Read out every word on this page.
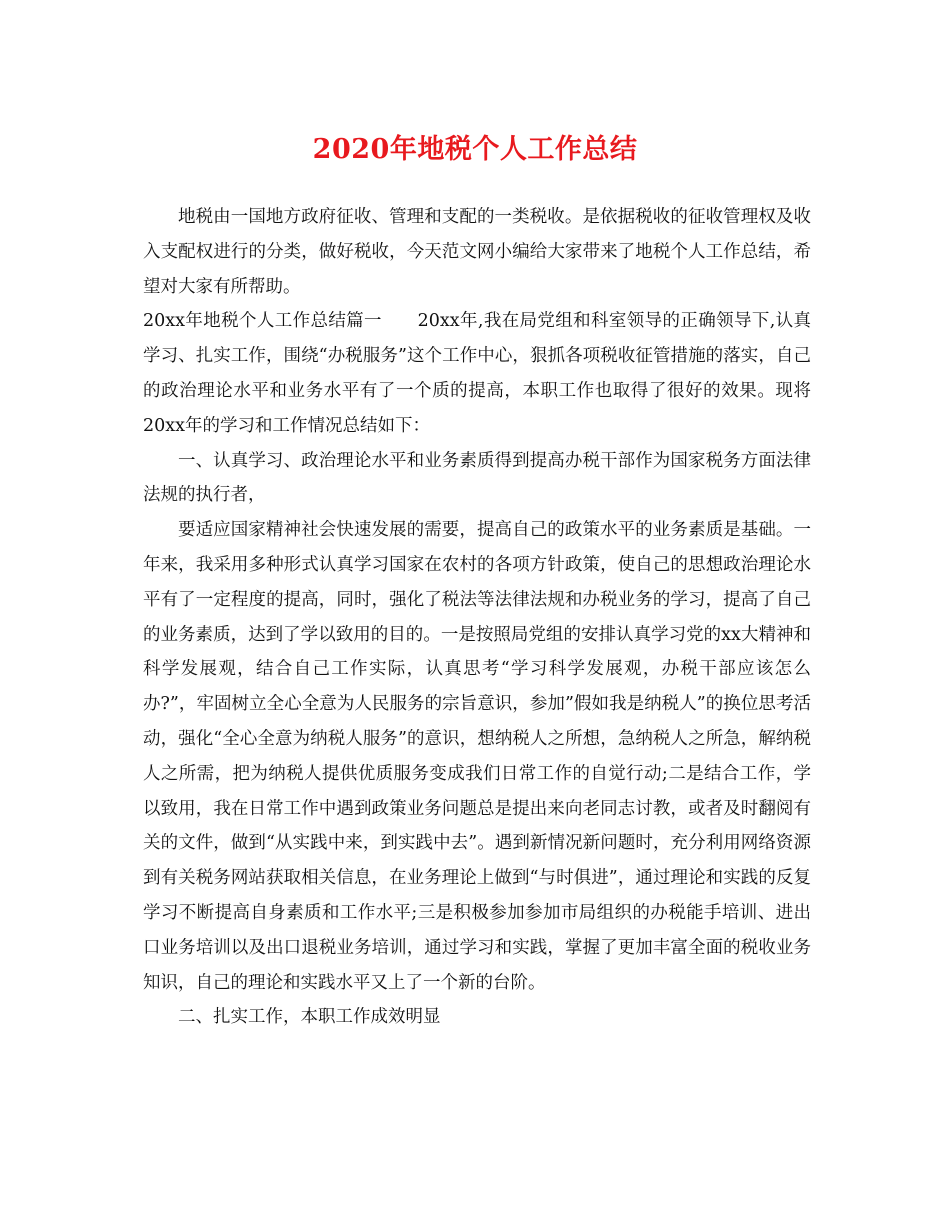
2020年地税个人工作总结

地税由一国地方政府征收、管理和支配的一类税收。是依据税收的征收管理权及收入支配权进行的分类，做好税收，今天范文网小编给大家带来了地税个人工作总结，希望对大家有所帮助。

20xx年地税个人工作总结篇一　　20xx年,我在局党组和科室领导的正确领导下,认真学习、扎实工作，围绕“办税服务”这个工作中心，狠抓各项税收征管措施的落实，自己的政治理论水平和业务水平有了一个质的提高，本职工作也取得了很好的效果。现将20xx年的学习和工作情况总结如下：

一、认真学习、政治理论水平和业务素质得到提高办税干部作为国家税务方面法律法规的执行者，

要适应国家精神社会快速发展的需要，提高自己的政策水平的业务素质是基础。一年来，我采用多种形式认真学习国家在农村的各项方针政策，使自己的思想政治理论水平有了一定程度的提高，同时，强化了税法等法律法规和办税业务的学习，提高了自己的业务素质，达到了学以致用的目的。一是按照局党组的安排认真学习党的xx大精神和科学发展观，结合自己工作实际，认真思考“学习科学发展观，办税干部应该怎么办?”，牢固树立全心全意为人民服务的宗旨意识，参加”假如我是纳税人”的换位思考活动，强化“全心全意为纳税人服务”的意识，想纳税人之所想，急纳税人之所急，解纳税人之所需，把为纳税人提供优质服务变成我们日常工作的自觉行动;二是结合工作，学以致用，我在日常工作中遇到政策业务问题总是提出来向老同志讨教，或者及时翻阅有关的文件，做到“从实践中来，到实践中去”。遇到新情况新问题时，充分利用网络资源到有关税务网站获取相关信息，在业务理论上做到“与时俱进”，通过理论和实践的反复学习不断提高自身素质和工作水平;三是积极参加参加市局组织的办税能手培训、进出口业务培训以及出口退税业务培训，通过学习和实践，掌握了更加丰富全面的税收业务知识，自己的理论和实践水平又上了一个新的台阶。

二、扎实工作，本职工作成效明显
